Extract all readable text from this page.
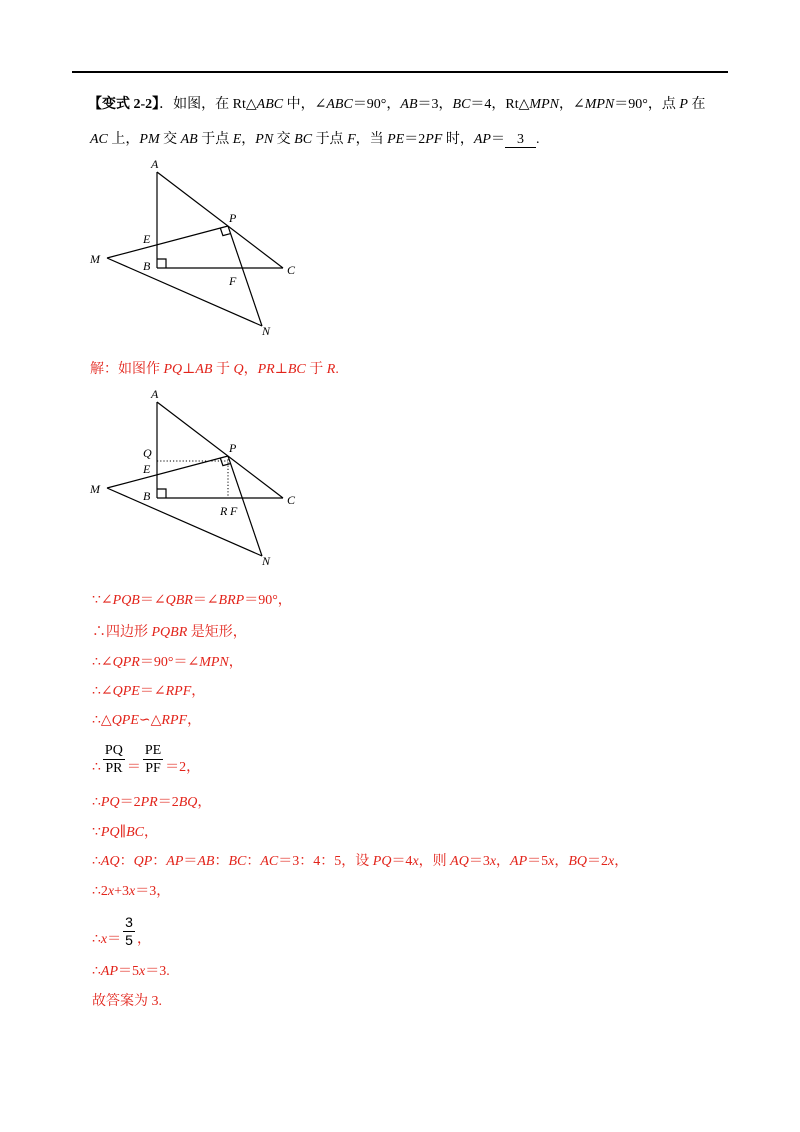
【变式 2-2】．如图，在 Rt△ABC 中，∠ABC＝90°，AB＝3，BC＝4，Rt△MPN，∠MPN＝90°，点 P 在
AC 上，PM 交 AB 于点 E，PN 交 BC 于点 F，当 PE＝2PF 时，AP＝ 3 .
A
P
E
M	B	C
F
N
解：如图作 PQ⊥AB 于 Q，PR⊥BC 于 R.
A
P
Q
E
M	B	C
R F
N
∵∠PQB＝∠QBR＝∠BRP＝90°，
∴四边形 PQBR 是矩形，
∴∠QPR＝90°＝∠MPN，
∴∠QPE＝∠RPF，
∴△QPE∽△RPF，
∴ $\frac{PQ}{PR} = \frac{PE}{PF} =2$，
∴PQ＝2PR＝2BQ，
∵PQ∥BC，
∴AQ：QP：AP＝AB：BC：AC＝3：4：5，设 PQ＝4x，则 AQ＝3x，AP＝5x，BQ＝2x，
∴2x+3x＝3，
∴x＝ $\frac{3}{5}$ ，
∴AP＝5x＝3.
故答案为 3.
